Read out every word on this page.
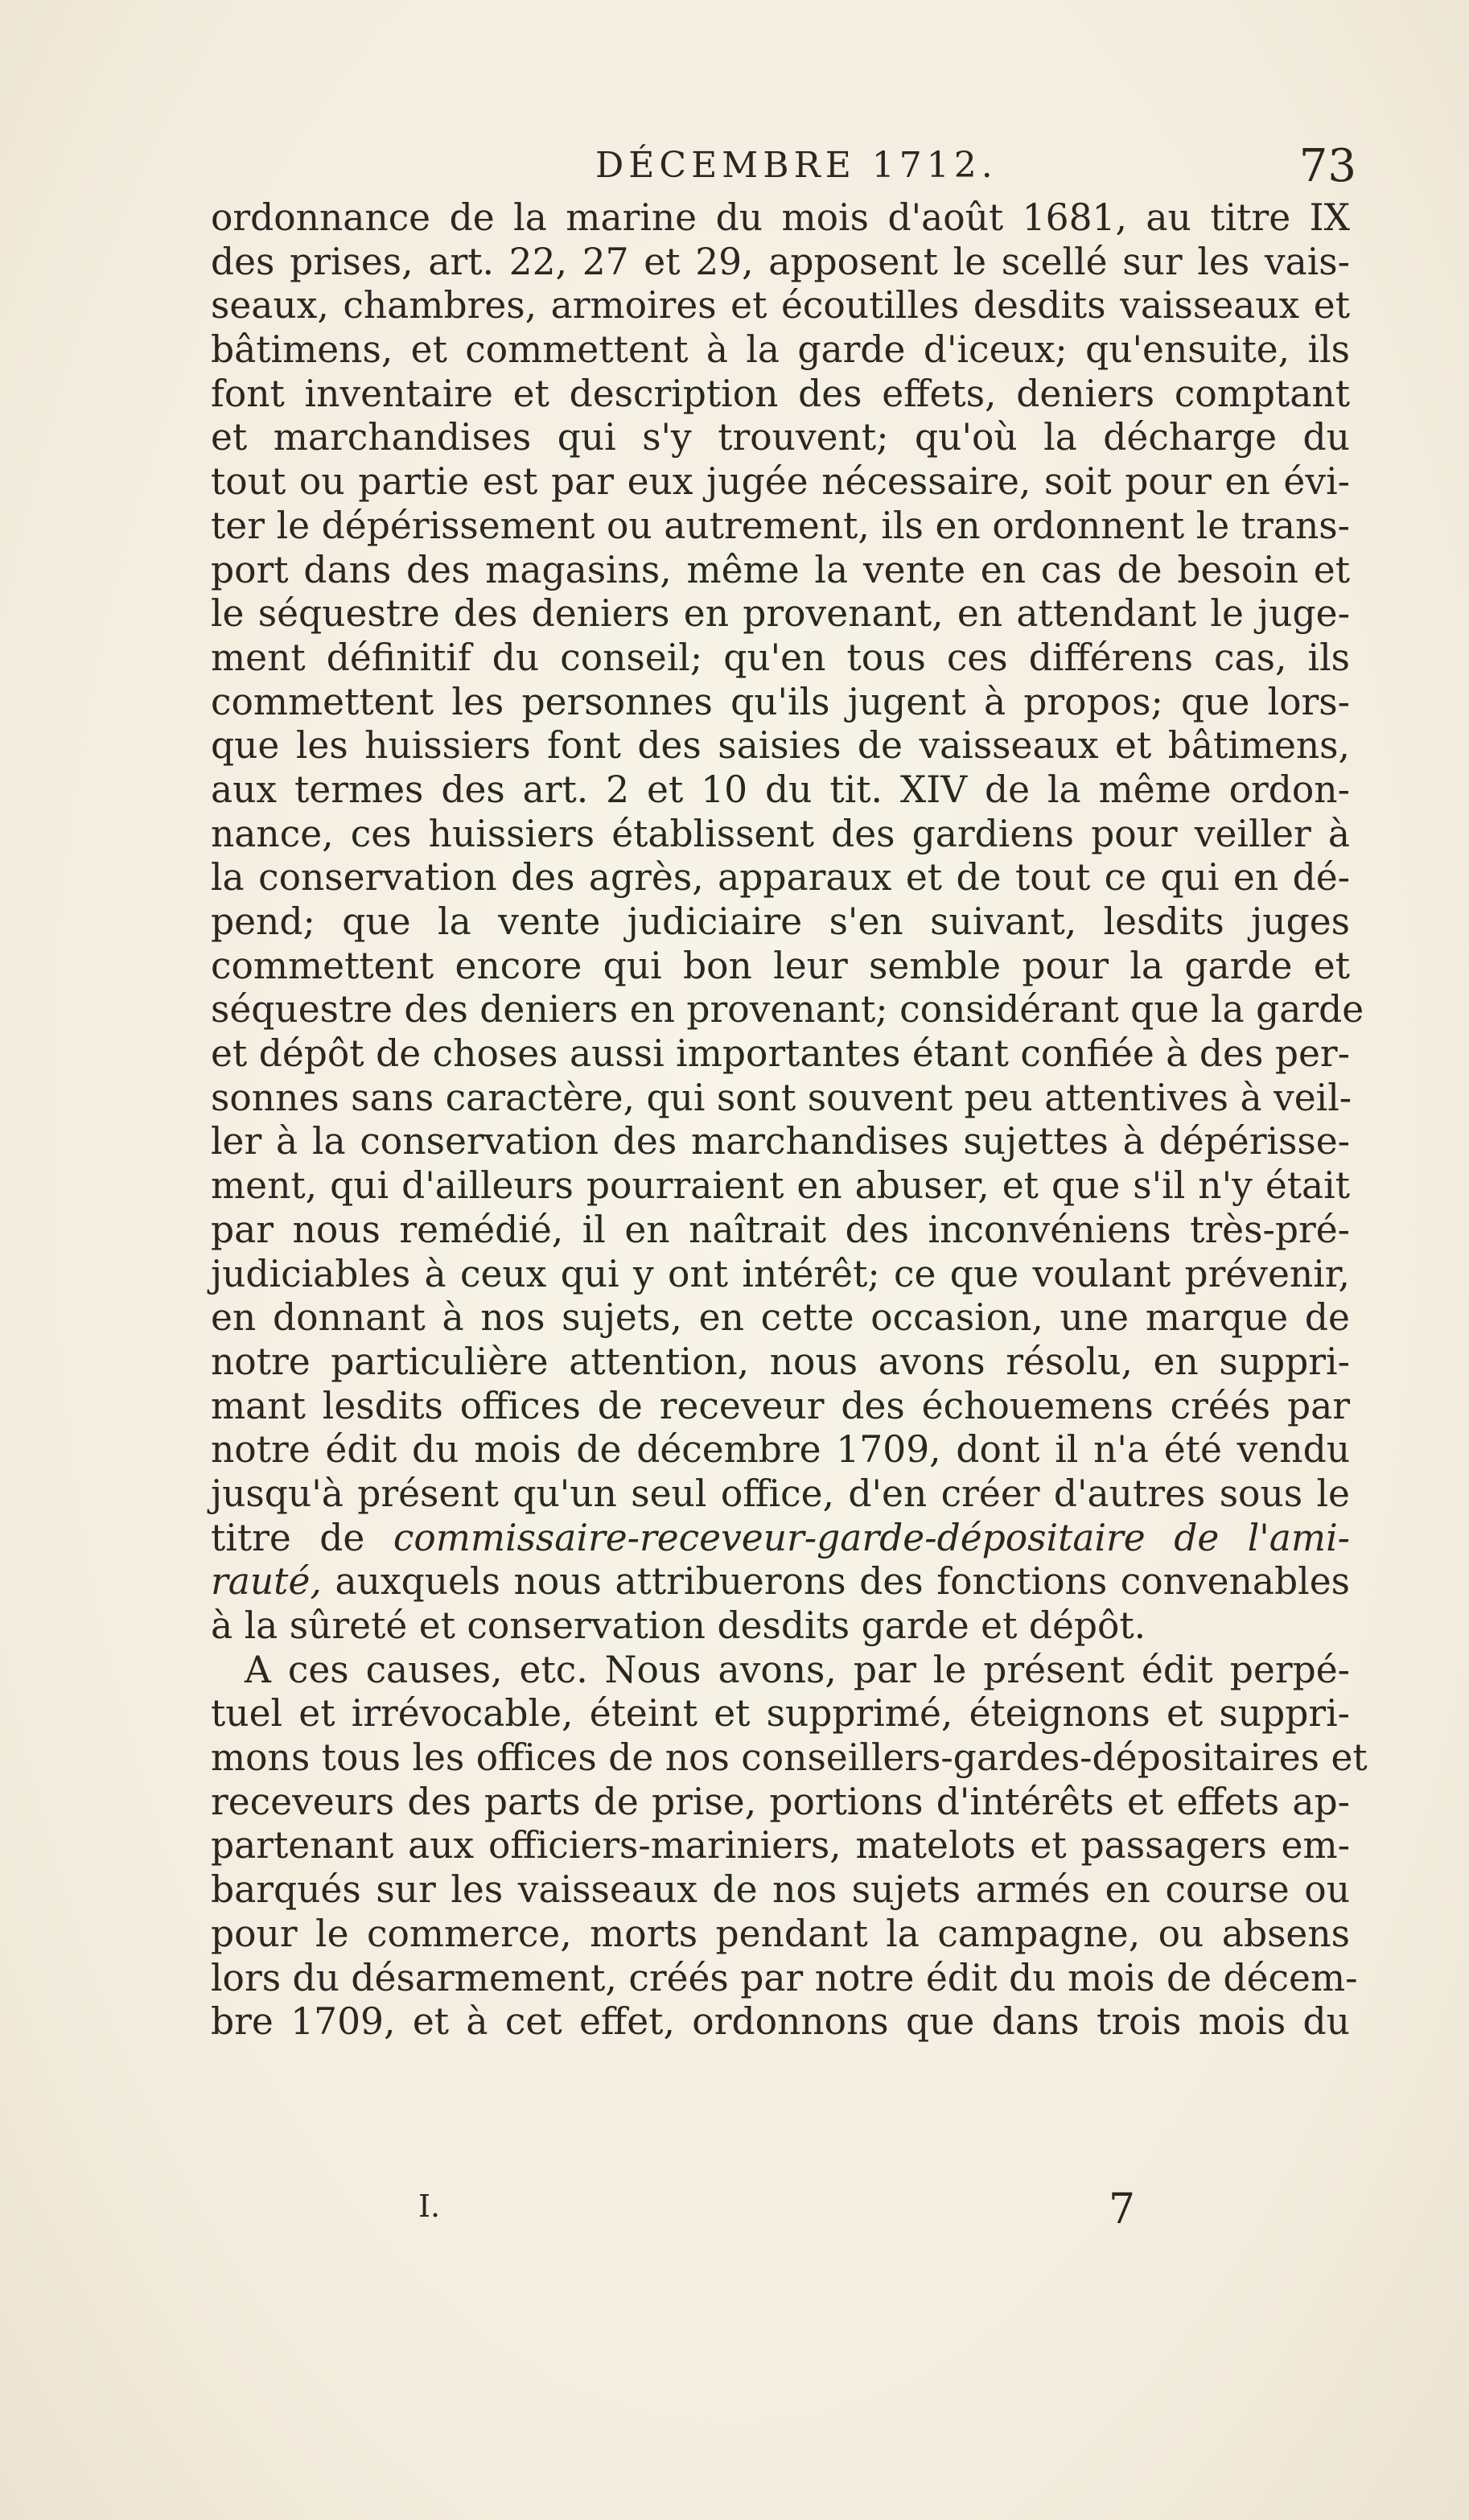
DÉCEMBRE 1712.	73
ordonnance de la marine du mois d'août 1681, au titre IX
des prises, art. 22, 27 et 29, apposent le scellé sur les vais-
seaux, chambres, armoires et écoutilles desdits vaisseaux et
bâtimens, et commettent à la garde d'iceux; qu'ensuite, ils
font inventaire et description des effets, deniers comptant
et marchandises qui s'y trouvent; qu'où la décharge du
tout ou partie est par eux jugée nécessaire, soit pour en évi-
ter le dépérissement ou autrement, ils en ordonnent le trans-
port dans des magasins, même la vente en cas de besoin et
le séquestre des deniers en provenant, en attendant le juge-
ment définitif du conseil; qu'en tous ces différens cas, ils
commettent les personnes qu'ils jugent à propos; que lors-
que les huissiers font des saisies de vaisseaux et bâtimens,
aux termes des art. 2 et 10 du tit. XIV de la même ordon-
nance, ces huissiers établissent des gardiens pour veiller à
la conservation des agrès, apparaux et de tout ce qui en dé-
pend; que la vente judiciaire s'en suivant, lesdits juges
commettent encore qui bon leur semble pour la garde et
séquestre des deniers en provenant; considérant que la garde
et dépôt de choses aussi importantes étant confiée à des per-
sonnes sans caractère, qui sont souvent peu attentives à veil-
ler à la conservation des marchandises sujettes à dépérisse-
ment, qui d'ailleurs pourraient en abuser, et que s'il n'y était
par nous remédié, il en naîtrait des inconvéniens très-pré-
judiciables à ceux qui y ont intérêt; ce que voulant prévenir,
en donnant à nos sujets, en cette occasion, une marque de
notre particulière attention, nous avons résolu, en suppri-
mant lesdits offices de receveur des échouemens créés par
notre édit du mois de décembre 1709, dont il n'a été vendu
jusqu'à présent qu'un seul office, d'en créer d'autres sous le
titre de commissaire-receveur-garde-dépositaire de l'ami-
rauté, auxquels nous attribuerons des fonctions convenables
à la sûreté et conservation desdits garde et dépôt.
A ces causes, etc. Nous avons, par le présent édit perpé-
tuel et irrévocable, éteint et supprimé, éteignons et suppri-
mons tous les offices de nos conseillers-gardes-dépositaires et
receveurs des parts de prise, portions d'intérêts et effets ap-
partenant aux officiers-mariniers, matelots et passagers em-
barqués sur les vaisseaux de nos sujets armés en course ou
pour le commerce, morts pendant la campagne, ou absens
lors du désarmement, créés par notre édit du mois de décem-
bre 1709, et à cet effet, ordonnons que dans trois mois du
I.	7
